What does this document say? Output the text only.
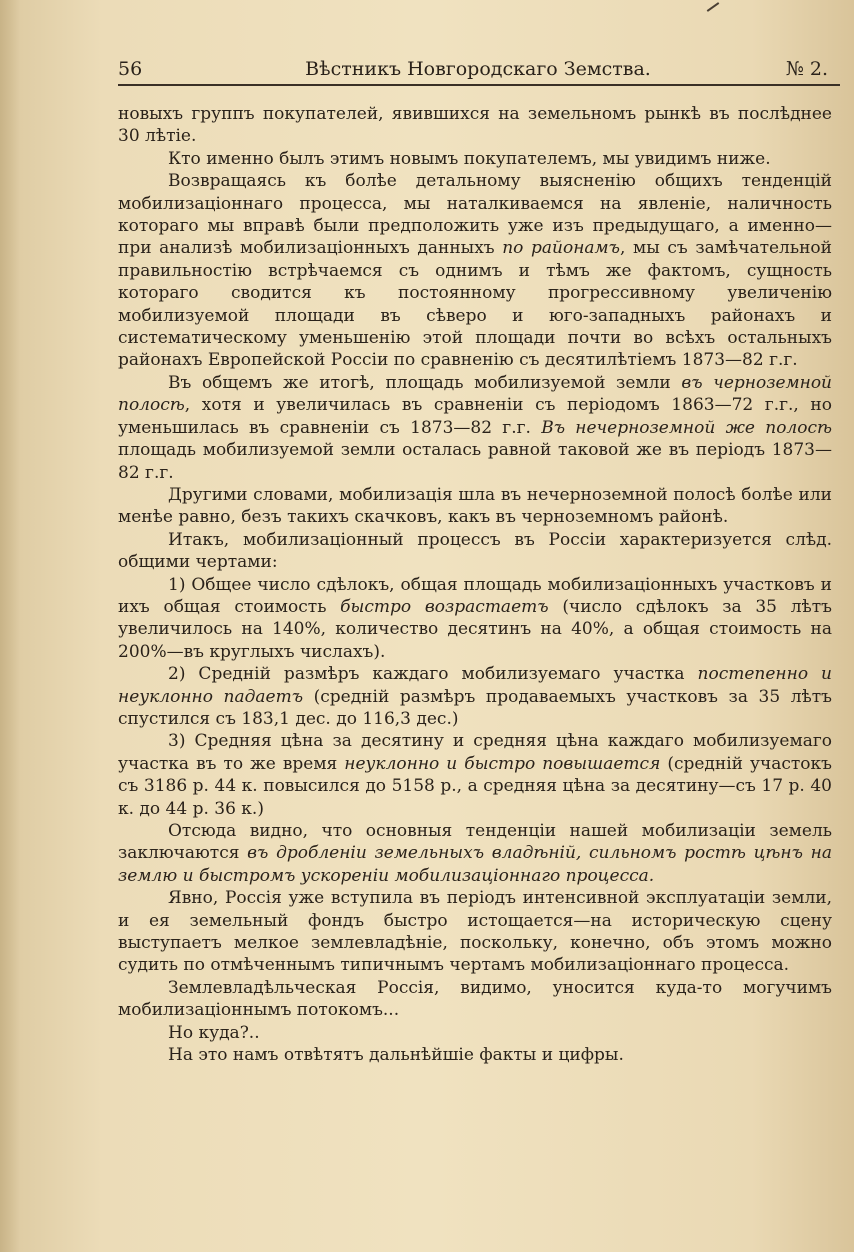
56	Вѣстникъ Новгородскаго Земства.	№ 2.

новыхъ группъ покупателей, явившихся на земельномъ рынкѣ въ послѣднее 30 лѣтіе.

Кто именно былъ этимъ новымъ покупателемъ, мы увидимъ ниже.

Возвращаясь къ болѣе детальному выясненію общихъ тенденцій мобилизаціоннаго процесса, мы наталкиваемся на явленіе, наличность котораго мы вправѣ были предположить уже изъ предыдущаго, а именно—при анализѣ мобилизаціонныхъ данныхъ по районамъ, мы съ замѣчательной правильностію встрѣчаемся съ однимъ и тѣмъ же фактомъ, сущность котораго сводится къ постоянному прогрессивному увеличенію мобилизуемой площади въ сѣверо и юго-западныхъ районахъ и систематическому уменьшенію этой площади почти во всѣхъ остальныхъ районахъ Европейской Россіи по сравненію съ десятилѣтіемъ 1873—82 г.г.

Въ общемъ же итогѣ, площадь мобилизуемой земли въ черноземной полосѣ, хотя и увеличилась въ сравненіи съ періодомъ 1863—72 г.г., но уменьшилась въ сравненіи съ 1873—82 г.г. Въ нечерноземной же полосѣ площадь мобилизуемой земли осталась равной таковой же въ періодъ 1873—82 г.г.

Другими словами, мобилизація шла въ нечерноземной полосѣ болѣе или менѣе равно, безъ такихъ скачковъ, какъ въ черноземномъ районѣ.

Итакъ, мобилизаціонный процессъ въ Россіи характеризуется слѣд. общими чертами:

1) Общее число сдѣлокъ, общая площадь мобилизаціонныхъ участковъ и ихъ общая стоимость быстро возрастаетъ (число сдѣлокъ за 35 лѣтъ увеличилось на 140%, количество десятинъ на 40%, а общая стоимость на 200%—въ круглыхъ числахъ).

2) Средній размѣръ каждаго мобилизуемаго участка постепенно и неуклонно падаетъ (средній размѣръ продаваемыхъ участковъ за 35 лѣтъ спустился съ 183,1 дес. до 116,3 дес.)

3) Средняя цѣна за десятину и средняя цѣна каждаго мобилизуемаго участка въ то же время неуклонно и быстро повышается (средній участокъ съ 3186 р. 44 к. повысился до 5158 р., а средняя цѣна за десятину—съ 17 р. 40 к. до 44 р. 36 к.)

Отсюда видно, что основныя тенденціи нашей мобилизаціи земель заключаются въ дробленіи земельныхъ владѣній, сильномъ ростѣ цѣнъ на землю и быстромъ ускореніи мобилизаціоннаго процесса.

Явно, Россія уже вступила въ періодъ интенсивной эксплуатаціи земли, и ея земельный фондъ быстро истощается—на историческую сцену выступаетъ мелкое землевладѣніе, поскольку, конечно, объ этомъ можно судить по отмѣченнымъ типичнымъ чертамъ мобилизаціоннаго процесса.

Землевладѣльческая Россія, видимо, уносится куда-то могучимъ мобилизаціоннымъ потокомъ...

Но куда?..

На это намъ отвѣтятъ дальнѣйшіе факты и цифры.
